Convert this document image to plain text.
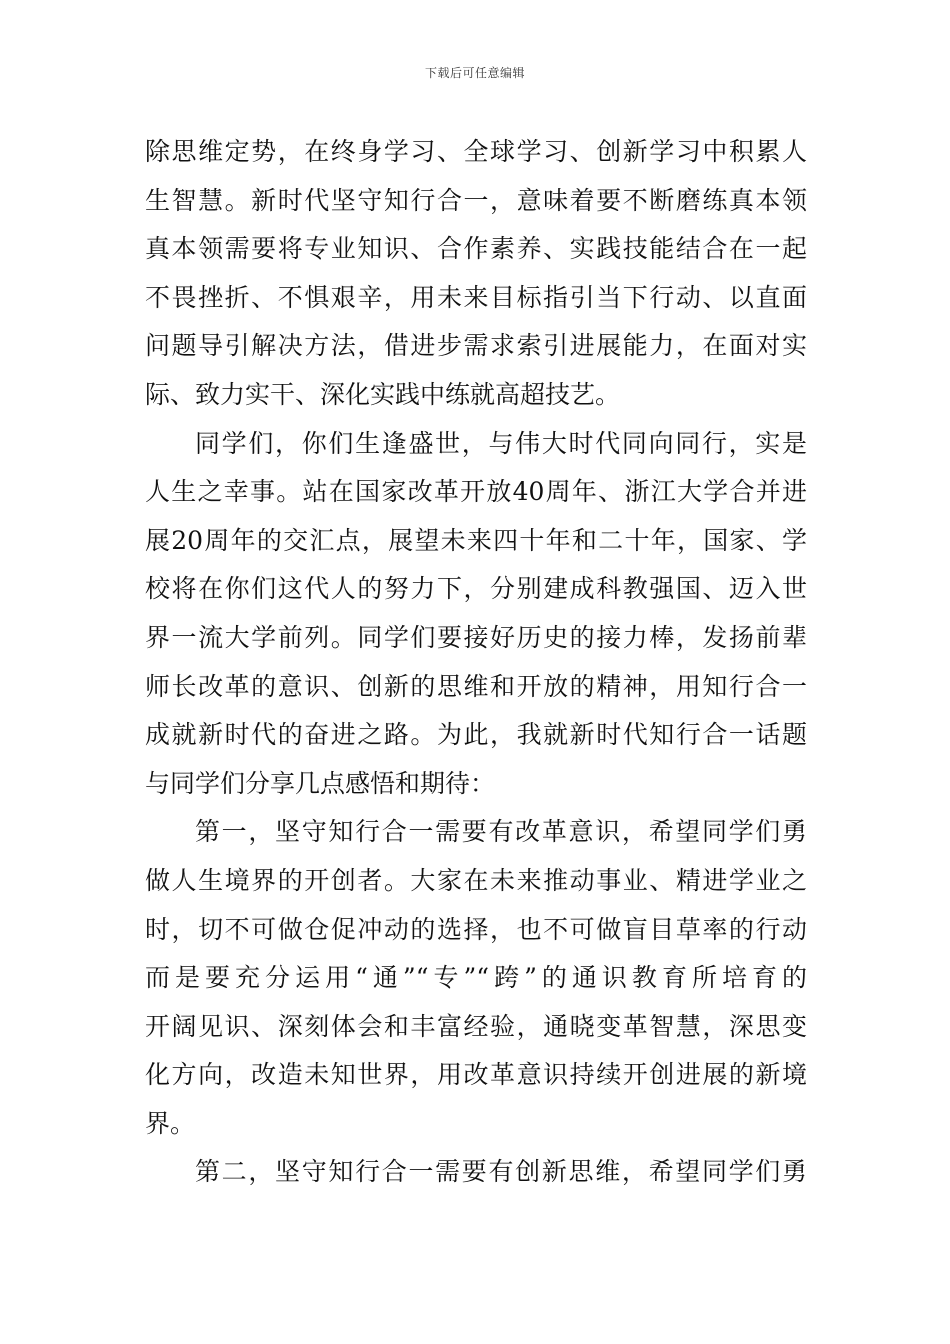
下载后可任意编辑
除思维定势，在终身学习、全球学习、创新学习中积累人
生智慧。新时代坚守知行合一，意味着要不断磨练真本领
真本领需要将专业知识、合作素养、实践技能结合在一起
不畏挫折、不惧艰辛，用未来目标指引当下行动、以直面
问题导引解决方法，借进步需求索引进展能力，在面对实
际、致力实干、深化实践中练就高超技艺。
同学们，你们生逢盛世，与伟大时代同向同行，实是
人生之幸事。站在国家改革开放40周年、浙江大学合并进
展20周年的交汇点，展望未来四十年和二十年，国家、学
校将在你们这代人的努力下，分别建成科教强国、迈入世
界一流大学前列。同学们要接好历史的接力棒，发扬前辈
师长改革的意识、创新的思维和开放的精神，用知行合一
成就新时代的奋进之路。为此，我就新时代知行合一话题
与同学们分享几点感悟和期待：
第一，坚守知行合一需要有改革意识，希望同学们勇
做人生境界的开创者。大家在未来推动事业、精进学业之
时，切不可做仓促冲动的选择，也不可做盲目草率的行动
而是要充分运用“通”“专”“跨”的通识教育所培育的
开阔见识、深刻体会和丰富经验，通晓变革智慧，深思变
化方向，改造未知世界，用改革意识持续开创进展的新境
界。
第二，坚守知行合一需要有创新思维，希望同学们勇
